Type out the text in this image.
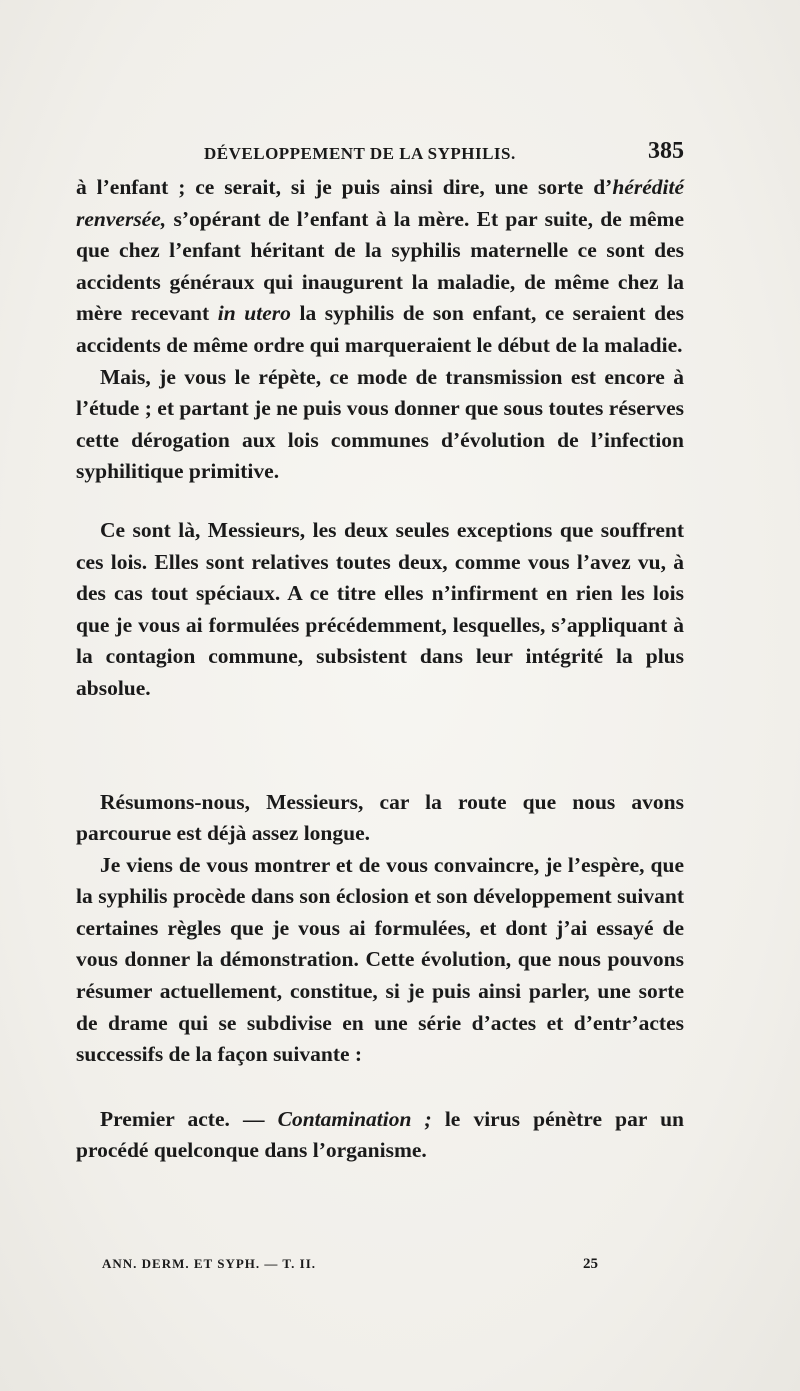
DÉVELOPPEMENT DE LA SYPHILIS.	385

à l’enfant ; ce serait, si je puis ainsi dire, une sorte d’hérédité renversée, s’opérant de l’enfant à la mère. Et par suite, de même que chez l’enfant héritant de la syphilis maternelle ce sont des accidents généraux qui inaugurent la maladie, de même chez la mère recevant in utero la syphilis de son enfant, ce seraient des accidents de même ordre qui marqueraient le début de la maladie.

Mais, je vous le répète, ce mode de transmission est encore à l’étude ; et partant je ne puis vous donner que sous toutes réserves cette dérogation aux lois communes d’évolution de l’infection syphilitique primitive.

Ce sont là, Messieurs, les deux seules exceptions que souffrent ces lois. Elles sont relatives toutes deux, comme vous l’avez vu, à des cas tout spéciaux. A ce titre elles n’infirment en rien les lois que je vous ai formulées précédemment, lesquelles, s’appliquant à la contagion commune, subsistent dans leur intégrité la plus absolue.

Résumons-nous, Messieurs, car la route que nous avons parcourue est déjà assez longue.

Je viens de vous montrer et de vous convaincre, je l’espère, que la syphilis procède dans son éclosion et son développement suivant certaines règles que je vous ai formulées, et dont j’ai essayé de vous donner la démonstration. Cette évolution, que nous pouvons résumer actuellement, constitue, si je puis ainsi parler, une sorte de drame qui se subdivise en une série d’actes et d’entr’actes successifs de la façon suivante :

Premier acte. — Contamination ; le virus pénètre par un procédé quelconque dans l’organisme.

ANN. DERM. ET SYPH. — T. II.	25
